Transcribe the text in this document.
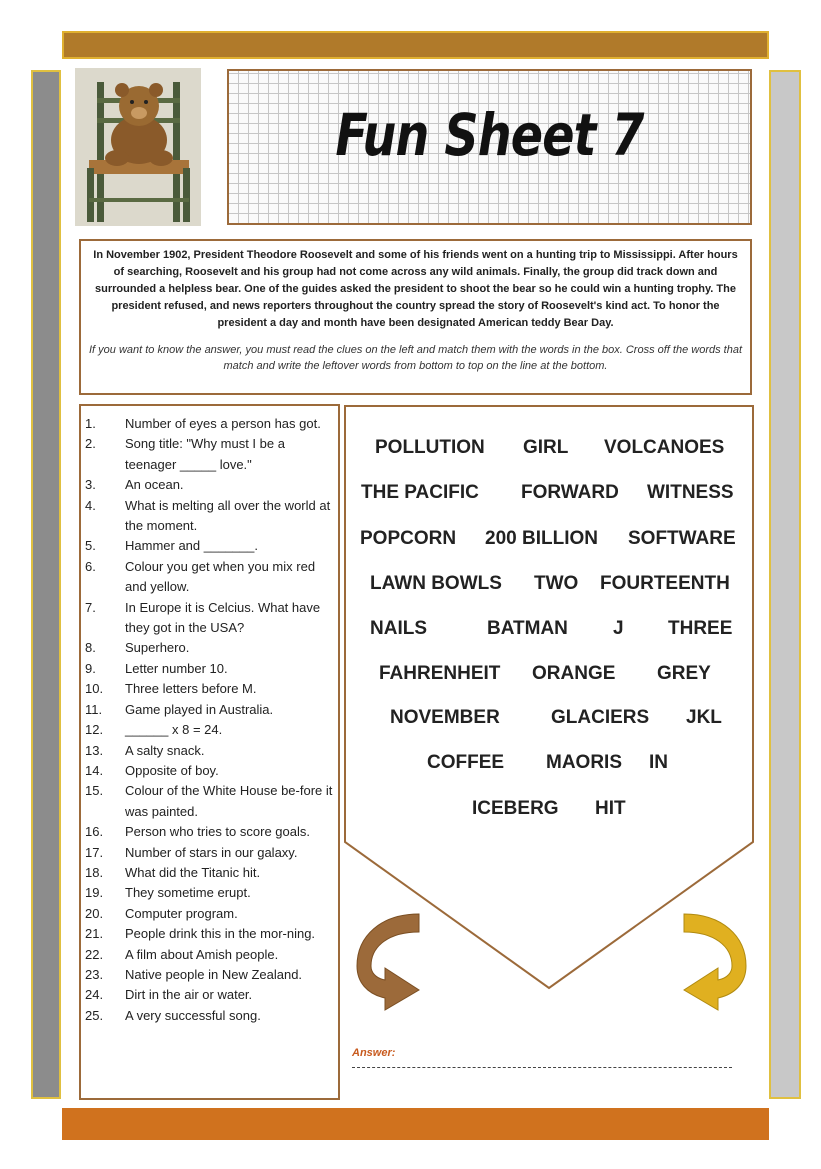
Fun Sheet 7

In November 1902, President Theodore Roosevelt and some of his friends went on a hunting trip to Mississippi. After hours of searching, Roosevelt and his group had not come across any wild animals. Finally, the group did track down and surrounded a helpless bear. One of the guides asked the president to shoot the bear so he could win a hunting trophy. The president refused, and news reporters throughout the country spread the story of Roosevelt's kind act. To honor the president a day and month have been designated American teddy Bear Day.

If you want to know the answer, you must read the clues on the left and match them with the words in the box. Cross off the words that match and write the leftover words from bottom to top on the line at the bottom.

1.	Number of eyes a person has got.
2.	Song title: "Why must I be a teenager _____ love."
3.	An ocean.
4.	What is melting all over the world at the moment.
5.	Hammer and _______.
6.	Colour you get when you mix red and yellow.
7.	In Europe it is Celcius. What have they got in the USA?
8.	Superhero.
9.	Letter number 10.
10.	Three letters before M.
11.	Game played in Australia.
12.	______ x 8 = 24.
13.	A salty snack.
14.	Opposite of boy.
15.	Colour of the White House be-fore it was painted.
16.	Person who tries to score goals.
17.	Number of stars in our galaxy.
18.	What did the Titanic hit.
19.	They sometime erupt.
20.	Computer program.
21.	People drink this in the mor-ning.
22.	A film about Amish people.
23.	Native people in New Zealand.
24.	Dirt in the air or water.
25.	A very successful song.
POLLUTION GIRL VOLCANOES
THE PACIFIC FORWARD WITNESS
POPCORN 200 BILLION SOFTWARE
LAWN BOWLS TWO FOURTEENTH
NAILS	BATMAN J THREE
FAHRENHEIT ORANGE GREY
NOVEMBER	GLACIERS JKL
COFFEE MAORIS IN
ICEBERG HIT
Answer:
